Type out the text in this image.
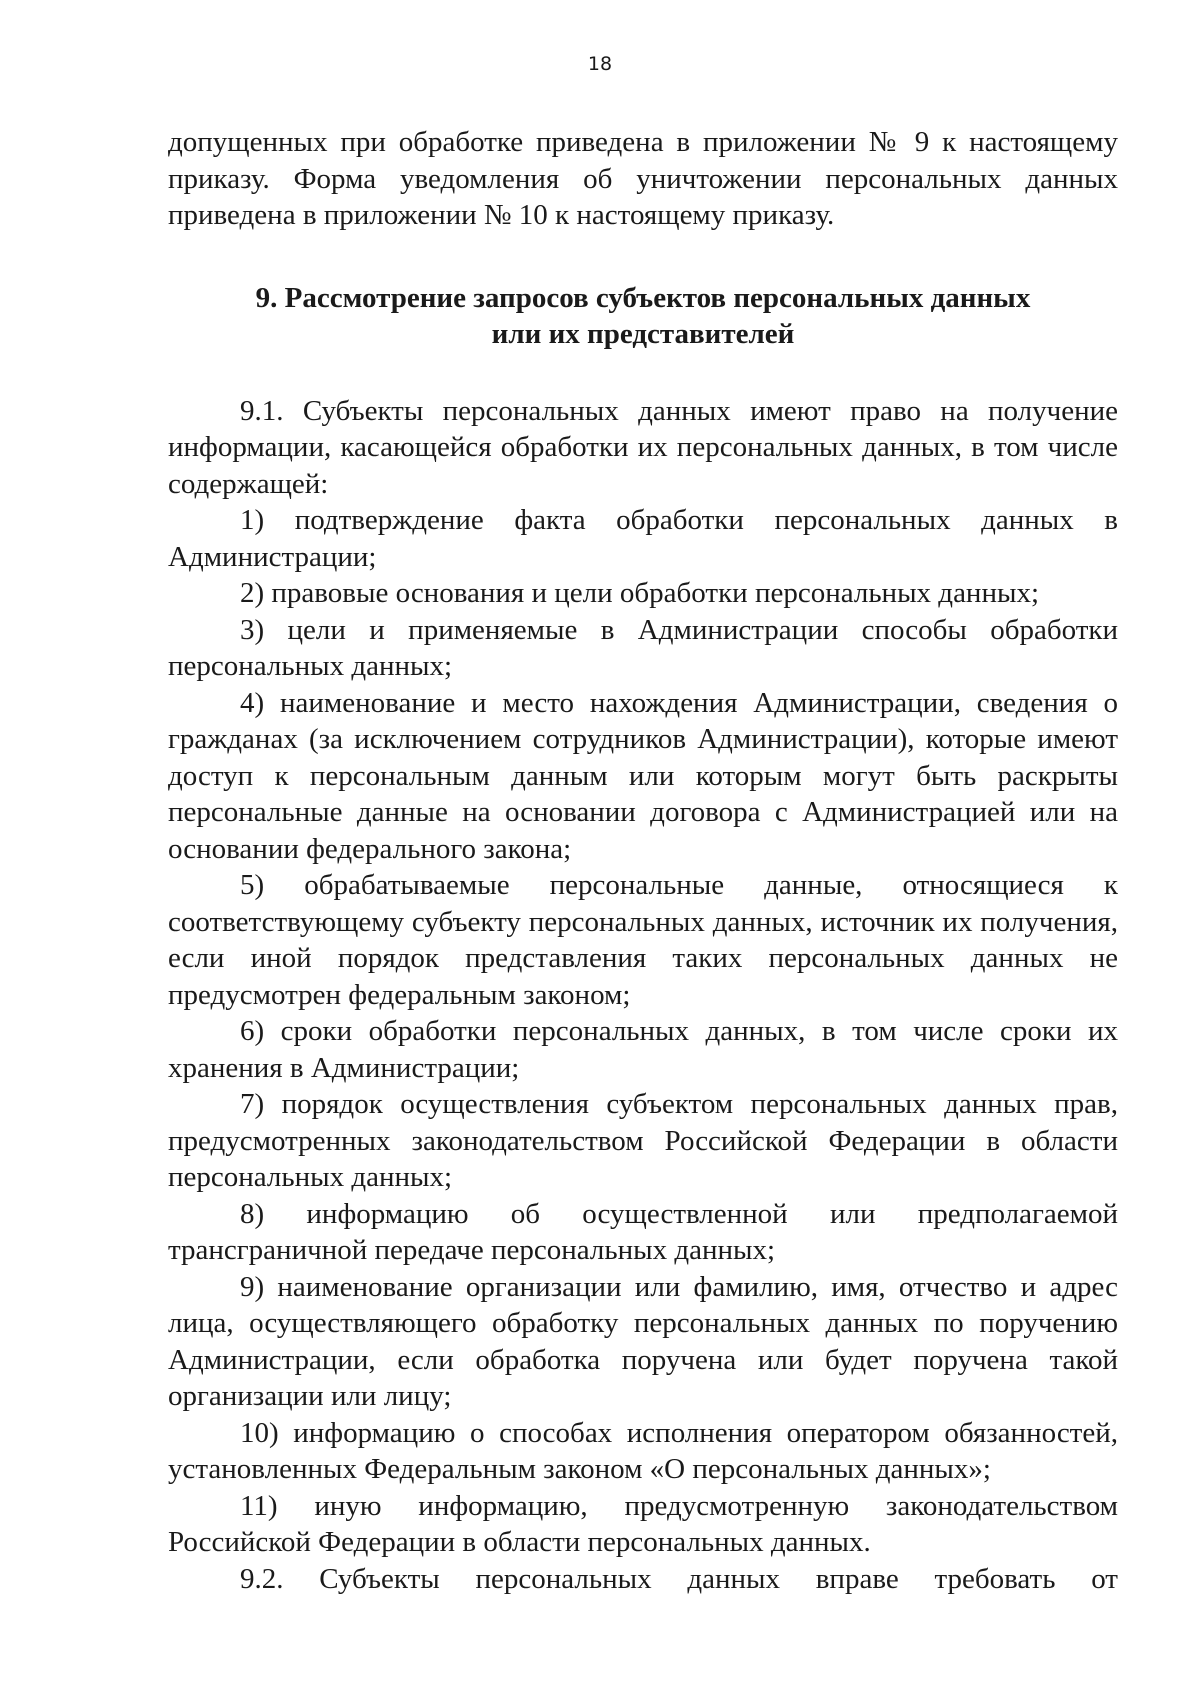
18

допущенных при обработке приведена в приложении № 9 к настоящему приказу. Форма уведомления об уничтожении персональных данных приведена в приложении № 10 к настоящему приказу.

9. Рассмотрение запросов субъектов персональных данных
или их представителей

9.1. Субъекты персональных данных имеют право на получение информации, касающейся обработки их персональных данных, в том числе содержащей:

1) подтверждение факта обработки персональных данных в Администрации;

2) правовые основания и цели обработки персональных данных;

3) цели и применяемые в Администрации способы обработки персональных данных;

4) наименование и место нахождения Администрации, сведения о гражданах (за исключением сотрудников Администрации), которые имеют доступ к персональным данным или которым могут быть раскрыты персональные данные на основании договора с Администрацией или на основании федерального закона;

5) обрабатываемые персональные данные, относящиеся к соответствующему субъекту персональных данных, источник их получения, если иной порядок представления таких персональных данных не предусмотрен федеральным законом;

6) сроки обработки персональных данных, в том числе сроки их хранения в Администрации;

7) порядок осуществления субъектом персональных данных прав, предусмотренных законодательством Российской Федерации в области персональных данных;

8) информацию об осуществленной или предполагаемой трансграничной передаче персональных данных;

9) наименование организации или фамилию, имя, отчество и адрес лица, осуществляющего обработку персональных данных по поручению Администрации, если обработка поручена или будет поручена такой организации или лицу;

10) информацию о способах исполнения оператором обязанностей, установленных Федеральным законом «О персональных данных»;

11) иную информацию, предусмотренную законодательством Российской Федерации в области персональных данных.

9.2. Субъекты персональных данных вправе требовать от
